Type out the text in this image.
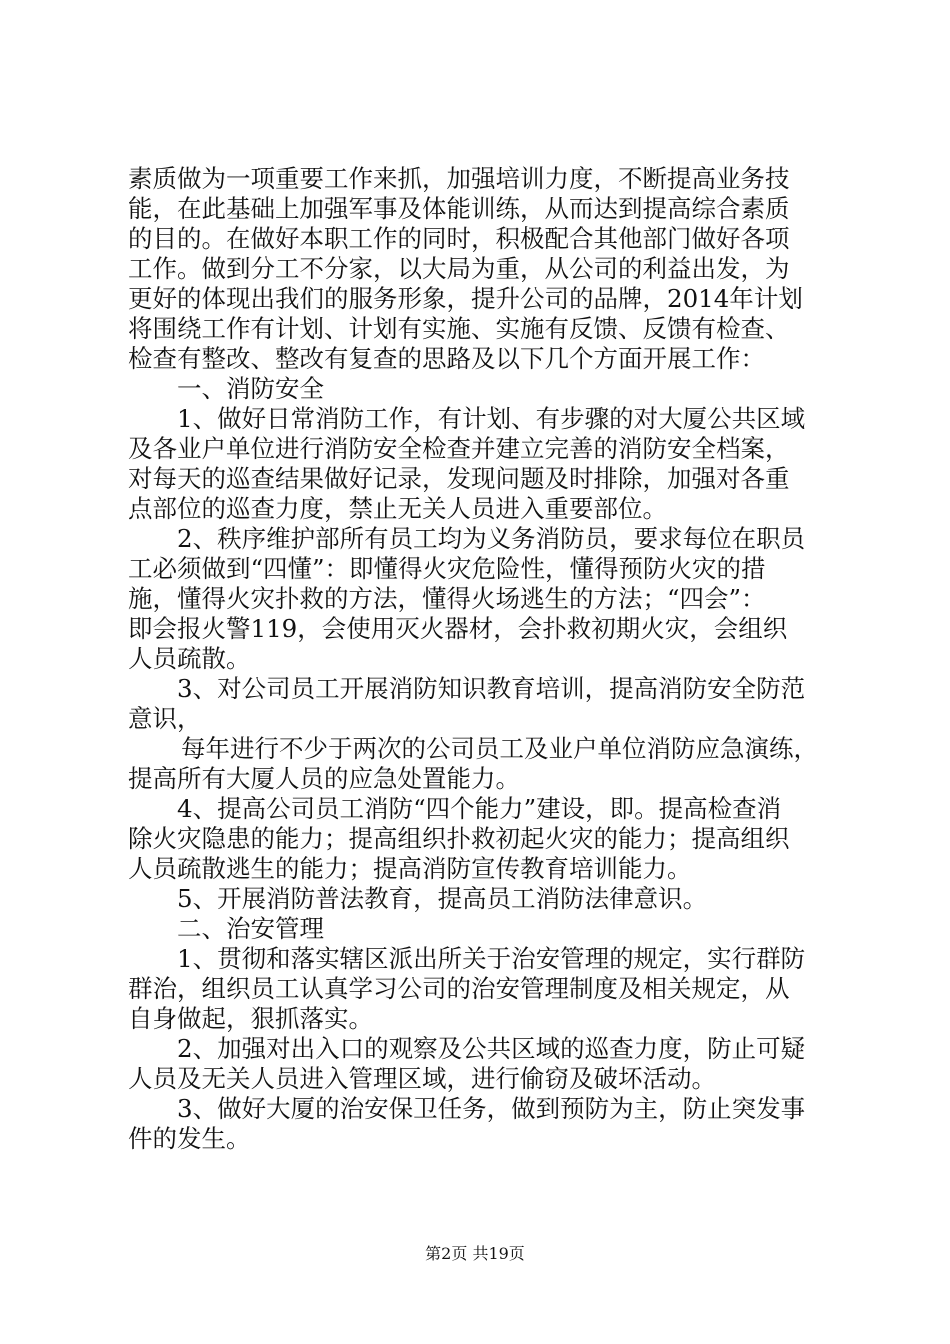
素质做为一项重要工作来抓，加强培训力度，不断提高业务技
能，在此基础上加强军事及体能训练，从而达到提高综合素质
的目的。在做好本职工作的同时，积极配合其他部门做好各项
工作。做到分工不分家，以大局为重，从公司的利益出发，为
更好的体现出我们的服务形象，提升公司的品牌，2014年计划
将围绕工作有计划、计划有实施、实施有反馈、反馈有检查、
检查有整改、整改有复查的思路及以下几个方面开展工作：
一、消防安全
1、做好日常消防工作，有计划、有步骤的对大厦公共区域
及各业户单位进行消防安全检查并建立完善的消防安全档案，
对每天的巡查结果做好记录，发现问题及时排除，加强对各重
点部位的巡查力度，禁止无关人员进入重要部位。
2、秩序维护部所有员工均为义务消防员，要求每位在职员
工必须做到“四懂”：即懂得火灾危险性，懂得预防火灾的措
施，懂得火灾扑救的方法，懂得火场逃生的方法；“四会”：
即会报火警119，会使用灭火器材，会扑救初期火灾，会组织
人员疏散。
3、对公司员工开展消防知识教育培训，提高消防安全防范
意识，
每年进行不少于两次的公司员工及业户单位消防应急演练，
提高所有大厦人员的应急处置能力。
4、提高公司员工消防“四个能力”建设，即。提高检查消
除火灾隐患的能力；提高组织扑救初起火灾的能力；提高组织
人员疏散逃生的能力；提高消防宣传教育培训能力。
5、开展消防普法教育，提高员工消防法律意识。
二、治安管理
1、贯彻和落实辖区派出所关于治安管理的规定，实行群防
群治，组织员工认真学习公司的治安管理制度及相关规定，从
自身做起，狠抓落实。
2、加强对出入口的观察及公共区域的巡查力度，防止可疑
人员及无关人员进入管理区域，进行偷窃及破坏活动。
3、做好大厦的治安保卫任务，做到预防为主，防止突发事
件的发生。
第2页 共19页
